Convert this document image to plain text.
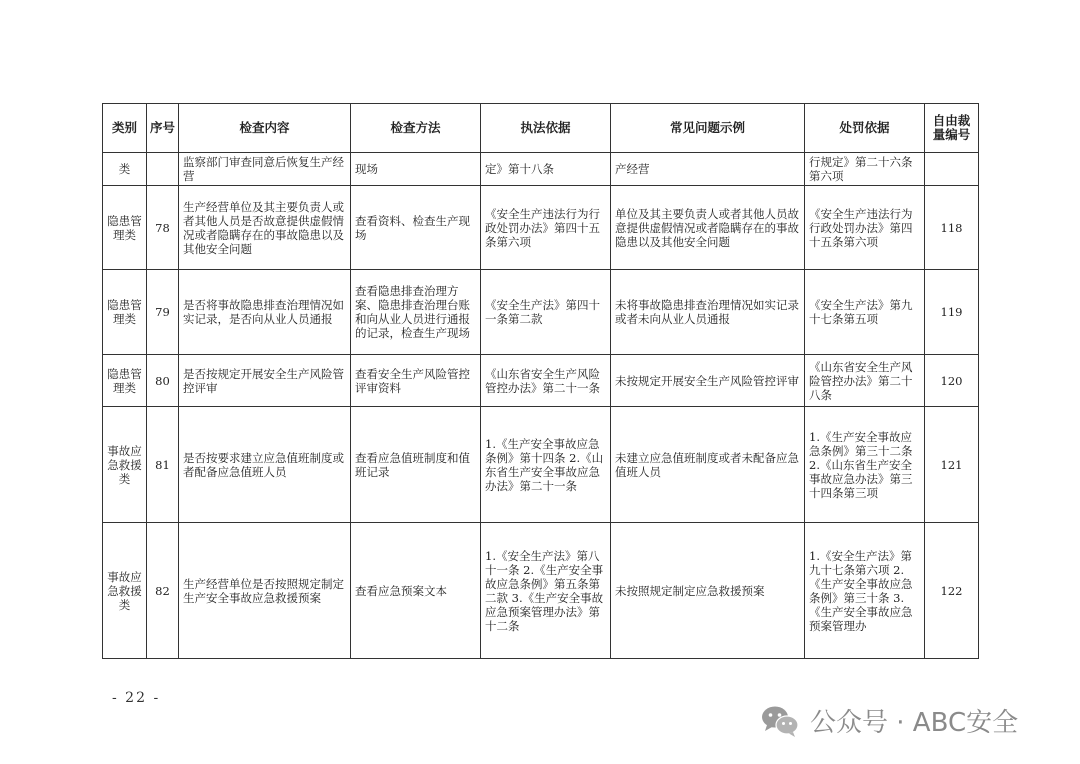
类别	序号	检查内容	检查方法	执法依据	常见问题示例	处罚依据	自由裁量编号
类		监察部门审查同意后恢复生产经营	现场	定》第十八条	产经营	行规定》第二十六条第六项	
隐患管理类	78	生产经营单位及其主要负责人或者其他人员是否故意提供虚假情况或者隐瞒存在的事故隐患以及其他安全问题	查看资料、检查生产现场	《安全生产违法行为行政处罚办法》第四十五条第六项	单位及其主要负责人或者其他人员故意提供虚假情况或者隐瞒存在的事故隐患以及其他安全问题	《安全生产违法行为行政处罚办法》第四十五条第六项	118
隐患管理类	79	是否将事故隐患排查治理情况如实记录，是否向从业人员通报	查看隐患排查治理方案、隐患排查治理台账和向从业人员进行通报的记录，检查生产现场	《安全生产法》第四十一条第二款	未将事故隐患排查治理情况如实记录或者未向从业人员通报	《安全生产法》第九十七条第五项	119
隐患管理类	80	是否按规定开展安全生产风险管控评审	查看安全生产风险管控评审资料	《山东省安全生产风险管控办法》第二十一条	未按规定开展安全生产风险管控评审	《山东省安全生产风险管控办法》第二十八条	120
事故应急救援类	81	是否按要求建立应急值班制度或者配备应急值班人员	查看应急值班制度和值班记录	1.《生产安全事故应急条例》第十四条 2.《山东省生产安全事故应急办法》第二十一条	未建立应急值班制度或者未配备应急值班人员	1.《生产安全事故应急条例》第三十二条 2.《山东省生产安全事故应急办法》第三十四条第三项	121
事故应急救援类	82	生产经营单位是否按照规定制定生产安全事故应急救援预案	查看应急预案文本	1.《安全生产法》第八十一条 2.《生产安全事故应急条例》第五条第二款 3.《生产安全事故应急预案管理办法》第十二条	未按照规定制定应急救援预案	1.《安全生产法》第九十七条第六项 2.《生产安全事故应急条例》第三十条 3.《生产安全事故应急预案管理办	122
- 22 -
公众号 · ABC安全
